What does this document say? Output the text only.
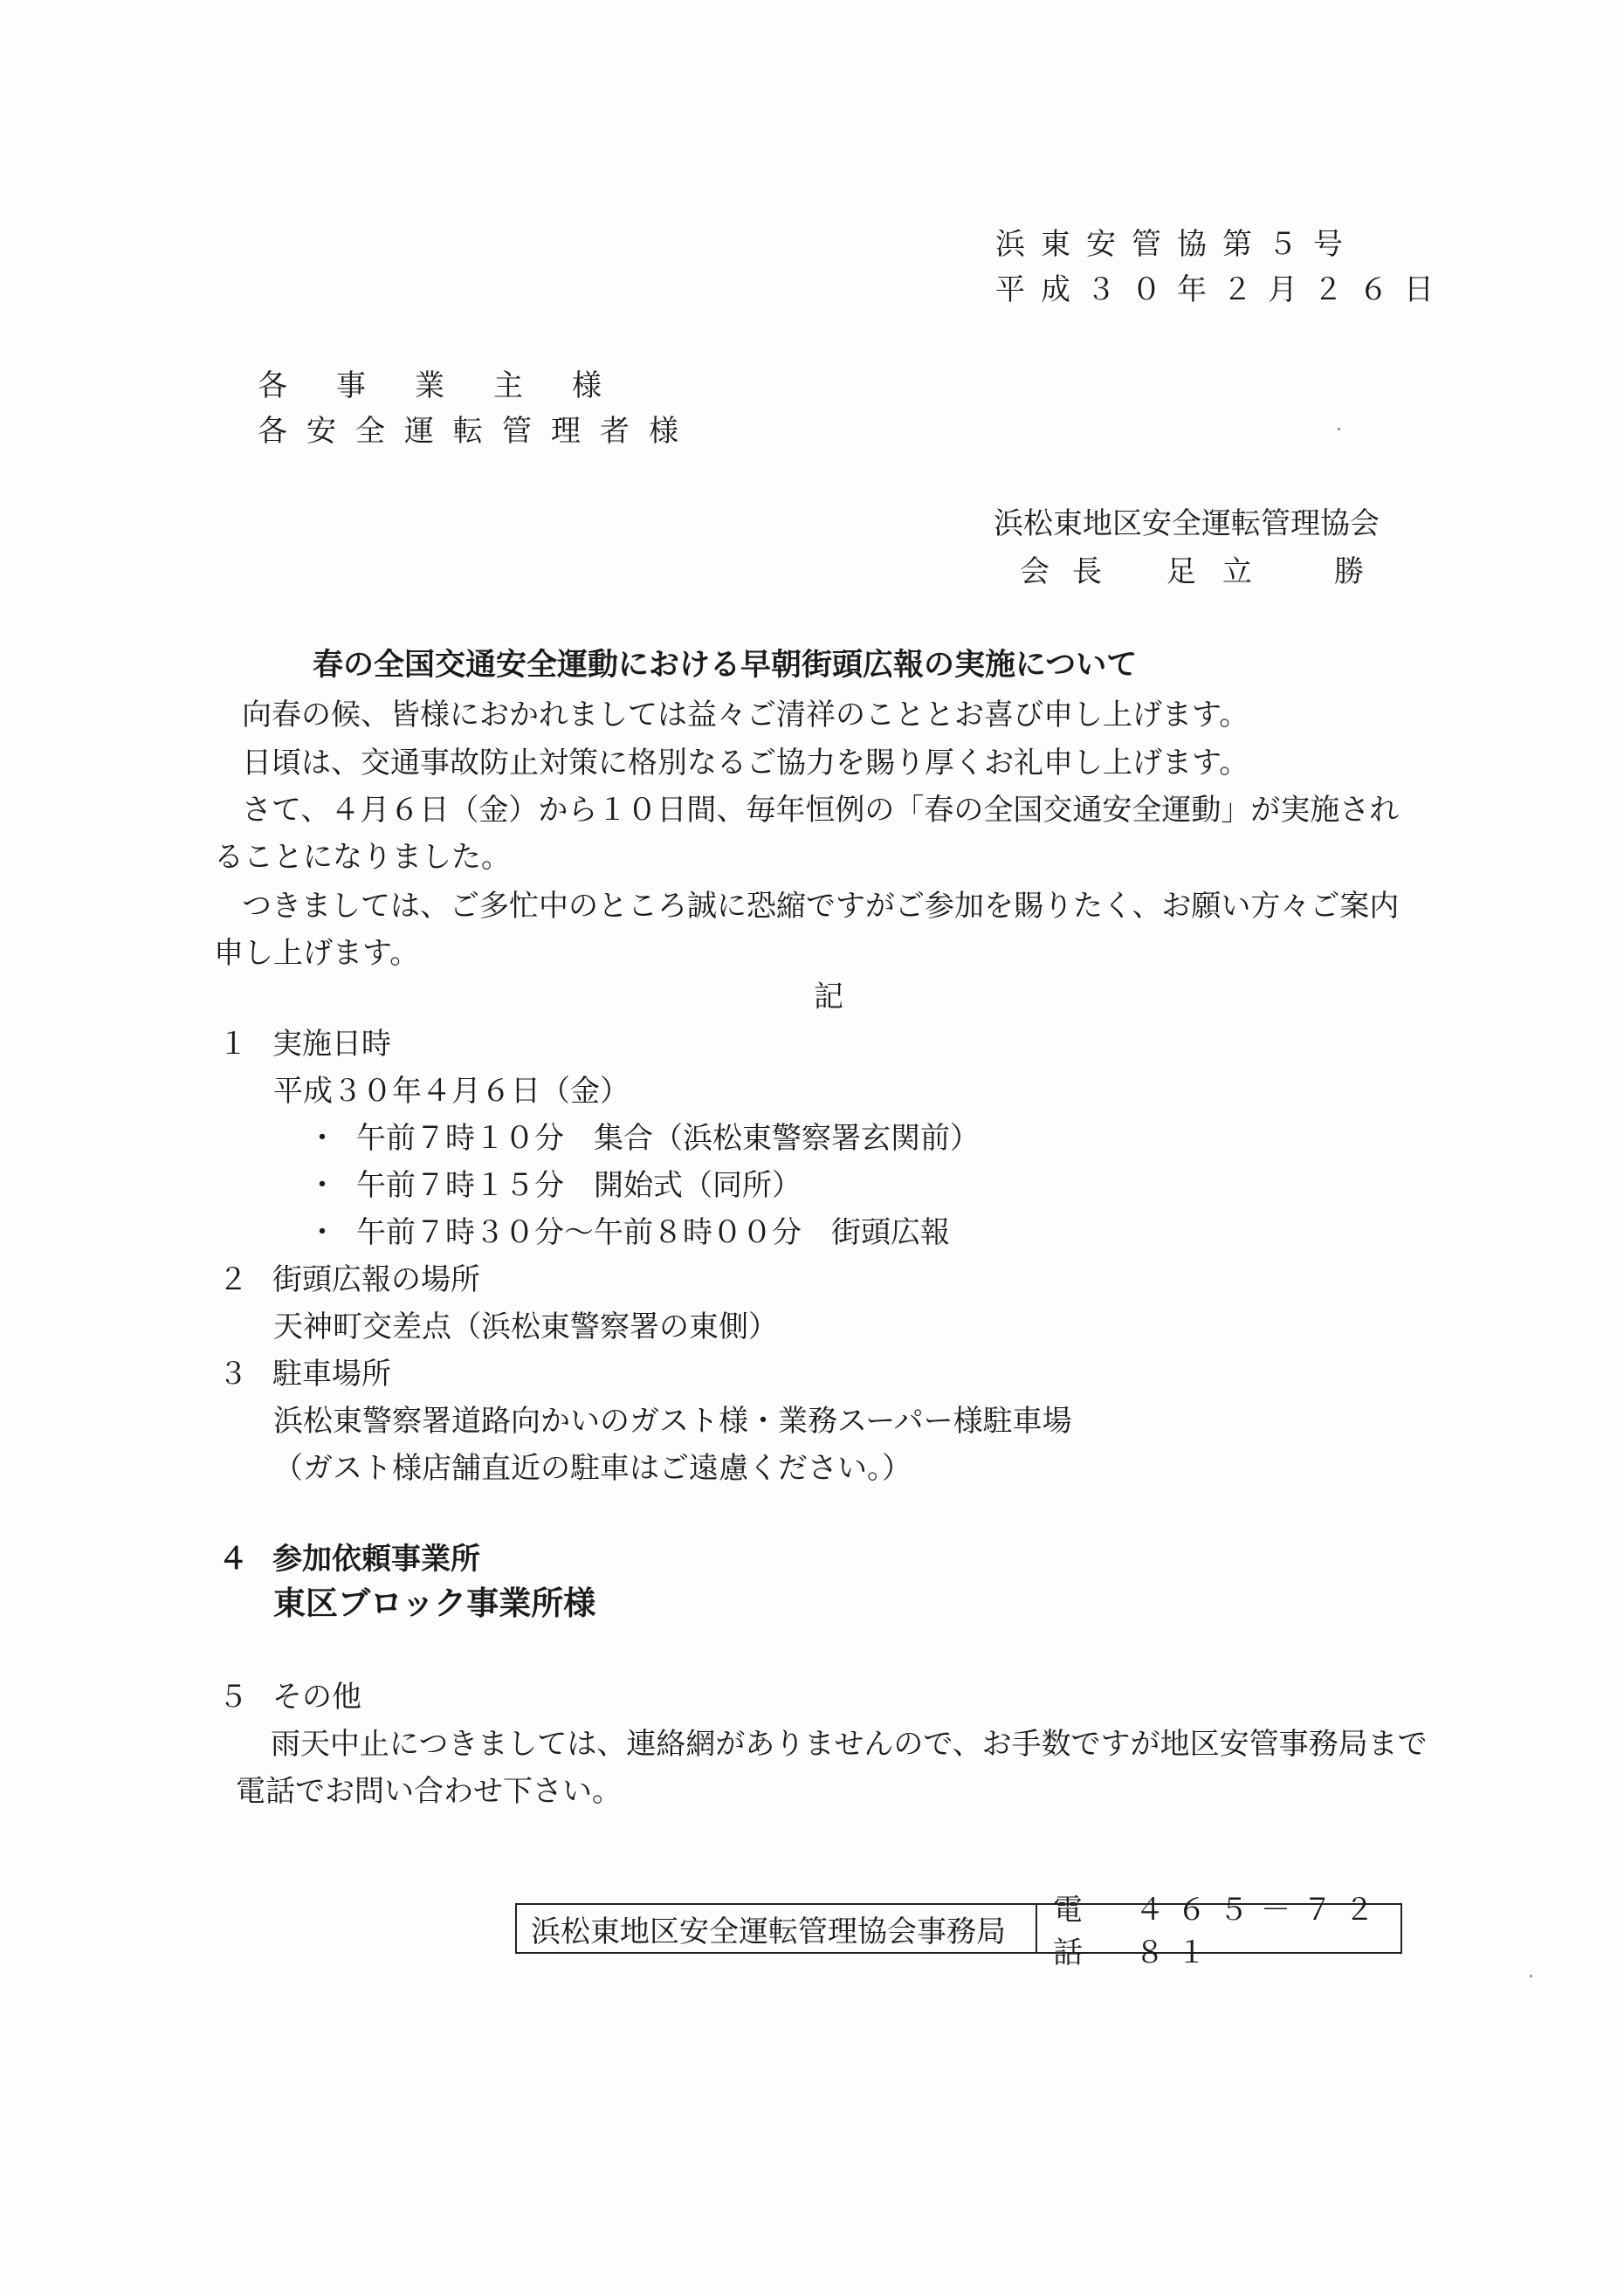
浜東安管協第５号
平成３０年２月２６日
各 事 業 主 様
各安全運転管理者様
浜松東地区安全運転管理協会
会長 足立　勝
春の全国交通安全運動における早朝街頭広報の実施について
向春の候、皆様におかれましては益々ご清祥のこととお喜び申し上げます。
日頃は、交通事故防止対策に格別なるご協力を賜り厚くお礼申し上げます。
さて、４月６日（金）から１０日間、毎年恒例の「春の全国交通安全運動」が実施され
ることになりました。
つきましては、ご多忙中のところ誠に恐縮ですがご参加を賜りたく、お願い方々ご案内
申し上げます。
記
１ 実施日時
平成３０年４月６日（金）
・ 午前７時１０分　集合（浜松東警察署玄関前）
・ 午前７時１５分　開始式（同所）
・ 午前７時３０分～午前８時００分　街頭広報
２ 街頭広報の場所
天神町交差点（浜松東警察署の東側）
３ 駐車場所
浜松東警察署道路向かいのガスト様・業務スーパー様駐車場
（ガスト様店舗直近の駐車はご遠慮ください。）
４ 参加依頼事業所
東区ブロック事業所様
５ その他
雨天中止につきましては、連絡網がありませんので、お手数ですが地区安管事務局まで
電話でお問い合わせ下さい。
浜松東地区安全運転管理協会事務局
電話
４６５－７２８１
